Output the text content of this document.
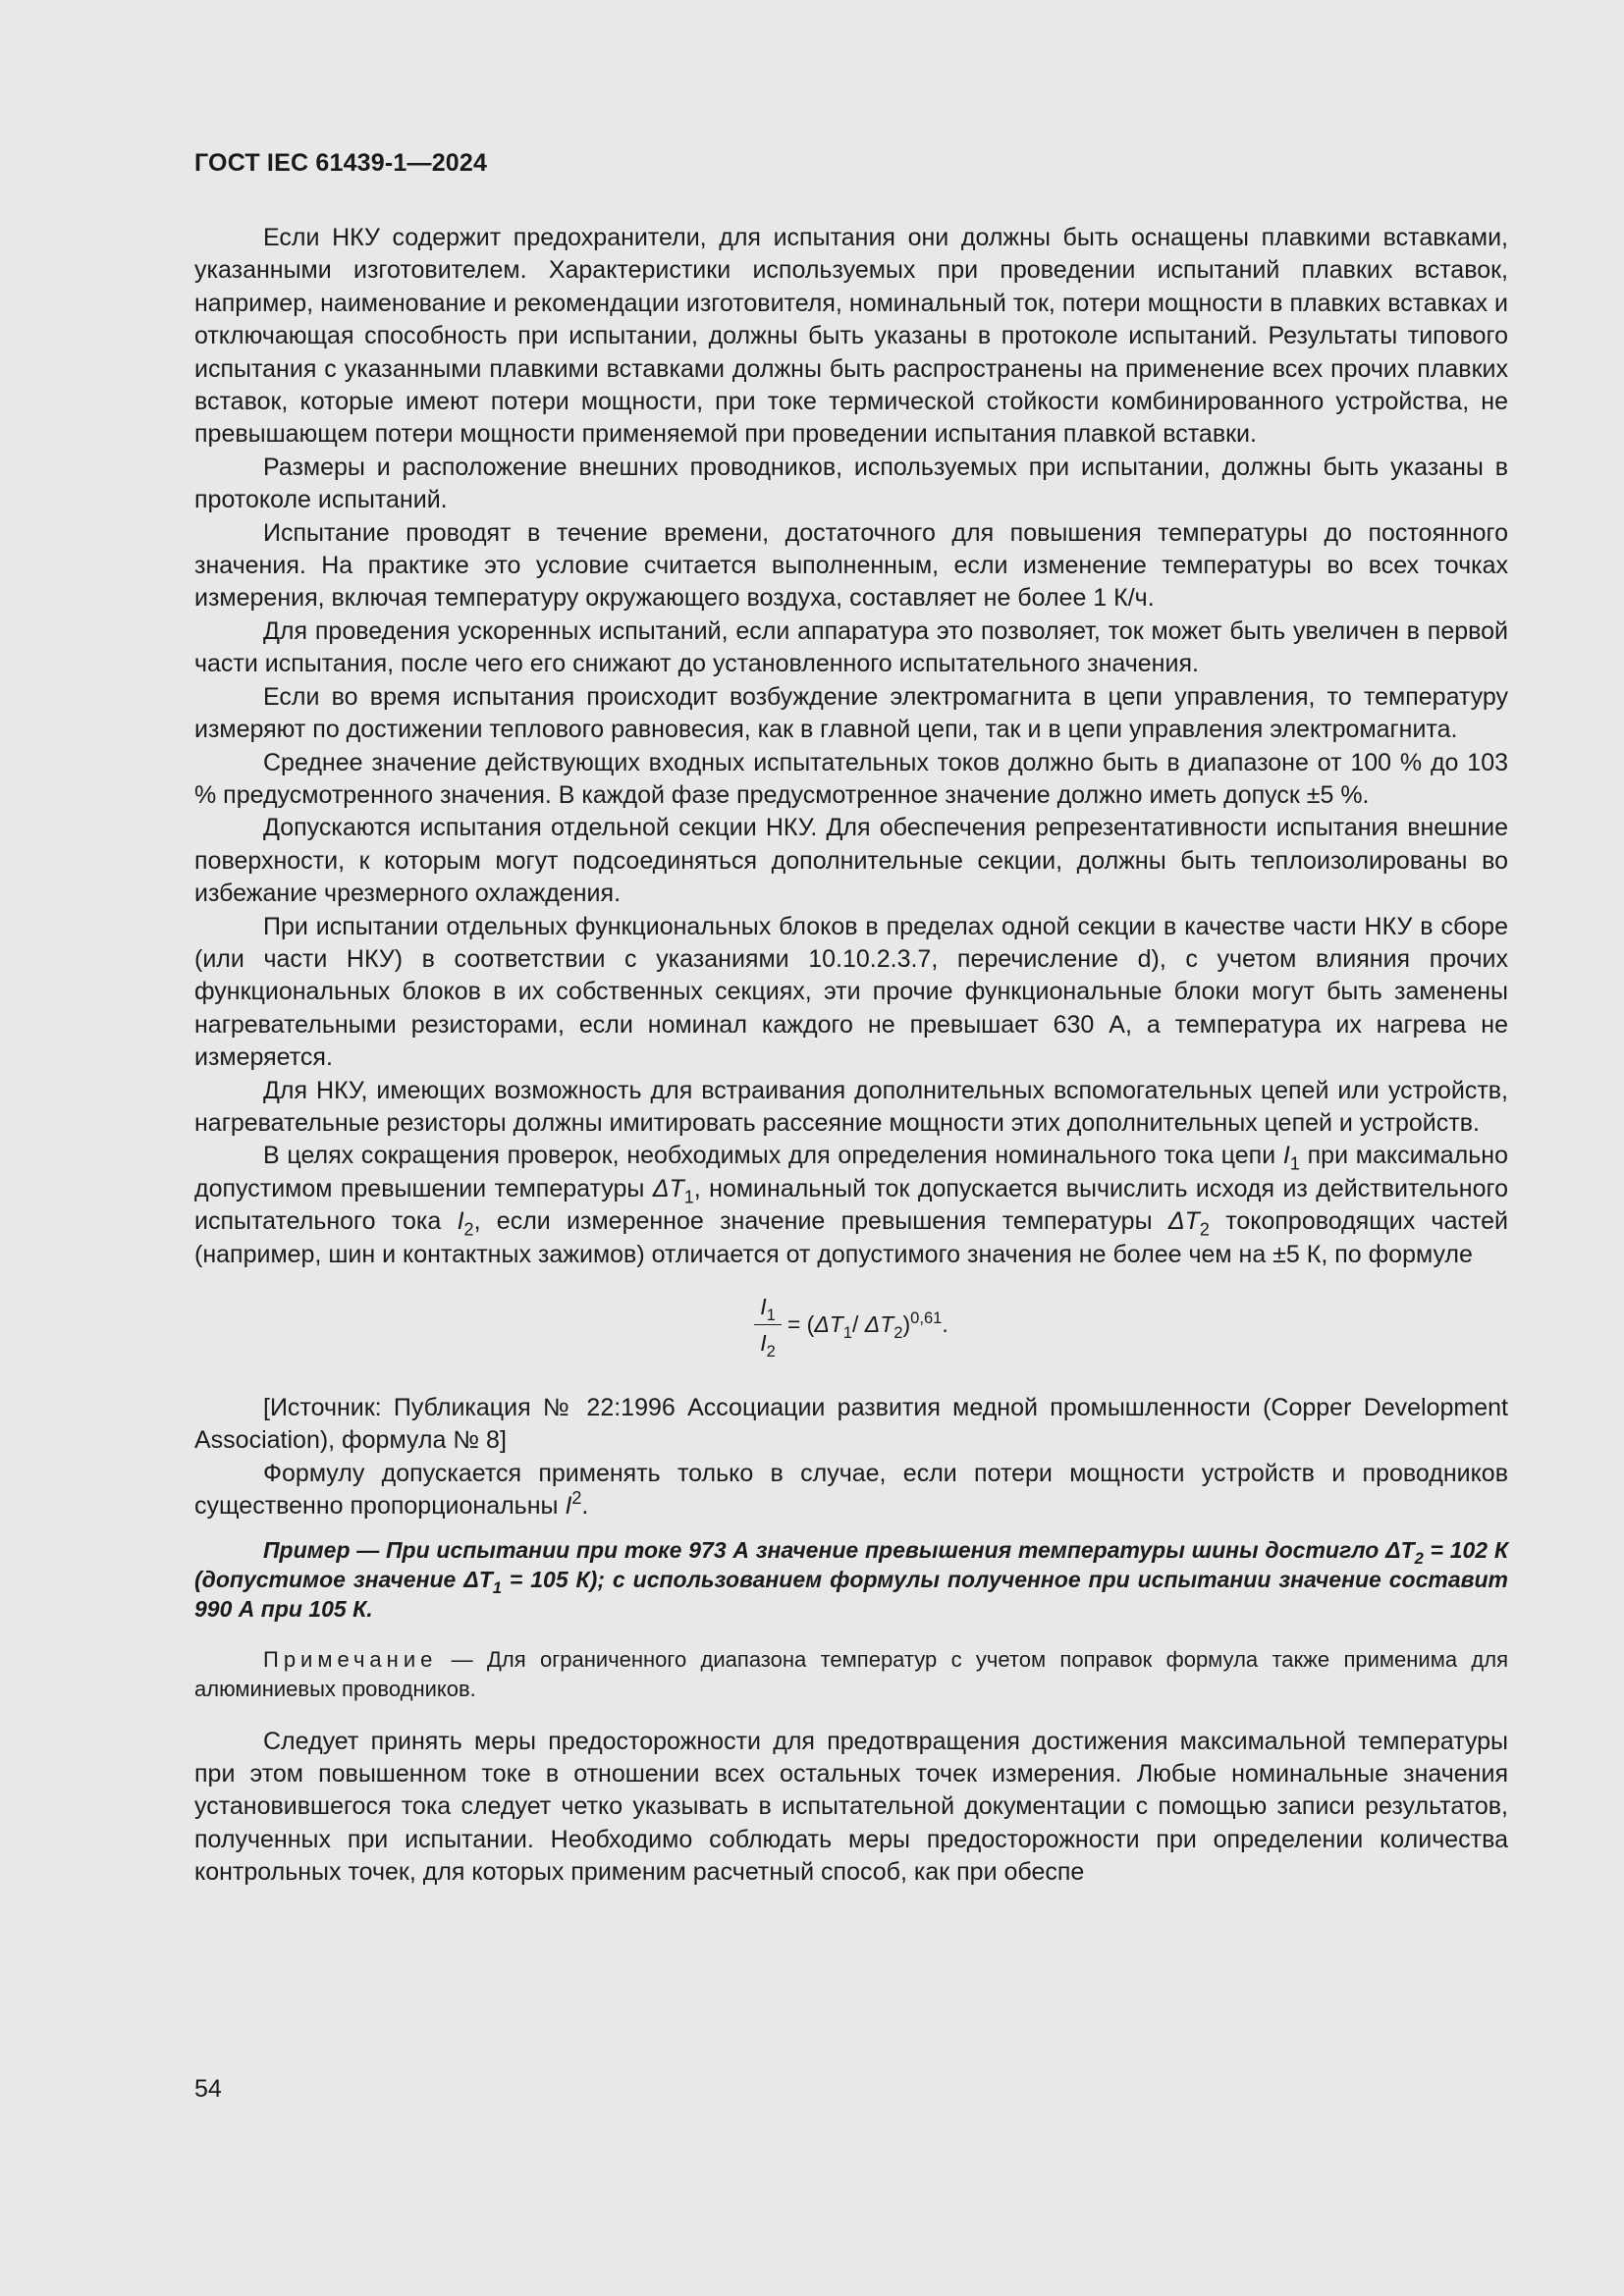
ГОСТ IEC 61439-1—2024

Если НКУ содержит предохранители, для испытания они должны быть оснащены плавкими вставками, указанными изготовителем. Характеристики используемых при проведении испытаний плавких вставок, например, наименование и рекомендации изготовителя, номинальный ток, потери мощности в плавких вставках и отключающая способность при испытании, должны быть указаны в протоколе испытаний. Результаты типового испытания с указанными плавкими вставками должны быть распространены на применение всех прочих плавких вставок, которые имеют потери мощности, при токе термической стойкости комбинированного устройства, не превышающем потери мощности применяемой при проведении испытания плавкой вставки.

Размеры и расположение внешних проводников, используемых при испытании, должны быть указаны в протоколе испытаний.

Испытание проводят в течение времени, достаточного для повышения температуры до постоянного значения. На практике это условие считается выполненным, если изменение температуры во всех точках измерения, включая температуру окружающего воздуха, составляет не более 1 К/ч.

Для проведения ускоренных испытаний, если аппаратура это позволяет, ток может быть увеличен в первой части испытания, после чего его снижают до установленного испытательного значения.

Если во время испытания происходит возбуждение электромагнита в цепи управления, то температуру измеряют по достижении теплового равновесия, как в главной цепи, так и в цепи управления электромагнита.

Среднее значение действующих входных испытательных токов должно быть в диапазоне от 100 % до 103 % предусмотренного значения. В каждой фазе предусмотренное значение должно иметь допуск ±5 %.

Допускаются испытания отдельной секции НКУ. Для обеспечения репрезентативности испытания внешние поверхности, к которым могут подсоединяться дополнительные секции, должны быть теплоизолированы во избежание чрезмерного охлаждения.

При испытании отдельных функциональных блоков в пределах одной секции в качестве части НКУ в сборе (или части НКУ) в соответствии с указаниями 10.10.2.3.7, перечисление d), с учетом влияния прочих функциональных блоков в их собственных секциях, эти прочие функциональные блоки могут быть заменены нагревательными резисторами, если номинал каждого не превышает 630 А, а температура их нагрева не измеряется.

Для НКУ, имеющих возможность для встраивания дополнительных вспомогательных цепей или устройств, нагревательные резисторы должны имитировать рассеяние мощности этих дополнительных цепей и устройств.

В целях сокращения проверок, необходимых для определения номинального тока цепи $I_1$ при максимально допустимом превышении температуры $\Delta T_1$, номинальный ток допускается вычислить исходя из действительного испытательного тока $I_2$, если измеренное значение превышения температуры $\Delta T_2$ токопроводящих частей (например, шин и контактных зажимов) отличается от допустимого значения не более чем на ±5 К, по формуле

$\frac{I_1}{I_2} = (\Delta T_1/$ $\Delta T_2)^{0,61}$.

[Источник: Публикация № 22:1996 Ассоциации развития медной промышленности (Copper Development Association), формула № 8]

Формулу допускается применять только в случае, если потери мощности устройств и проводников существенно пропорциональны $I^2$.

Пример — При испытании при токе 973 А значение превышения температуры шины достигло $\Delta T_2 = 102$ К (допустимое значение $\Delta T_1 = 105$ К); с использованием формулы полученное при испытании значение составит 990 А при 105 К.

Примечание — Для ограниченного диапазона температур с учетом поправок формула также применима для алюминиевых проводников.

Следует принять меры предосторожности для предотвращения достижения максимальной температуры при этом повышенном токе в отношении всех остальных точек измерения. Любые номинальные значения установившегося тока следует четко указывать в испытательной документации с помощью записи результатов, полученных при испытании. Необходимо соблюдать меры предосторожности при определении количества контрольных точек, для которых применим расчетный способ, как при обеспе

54
